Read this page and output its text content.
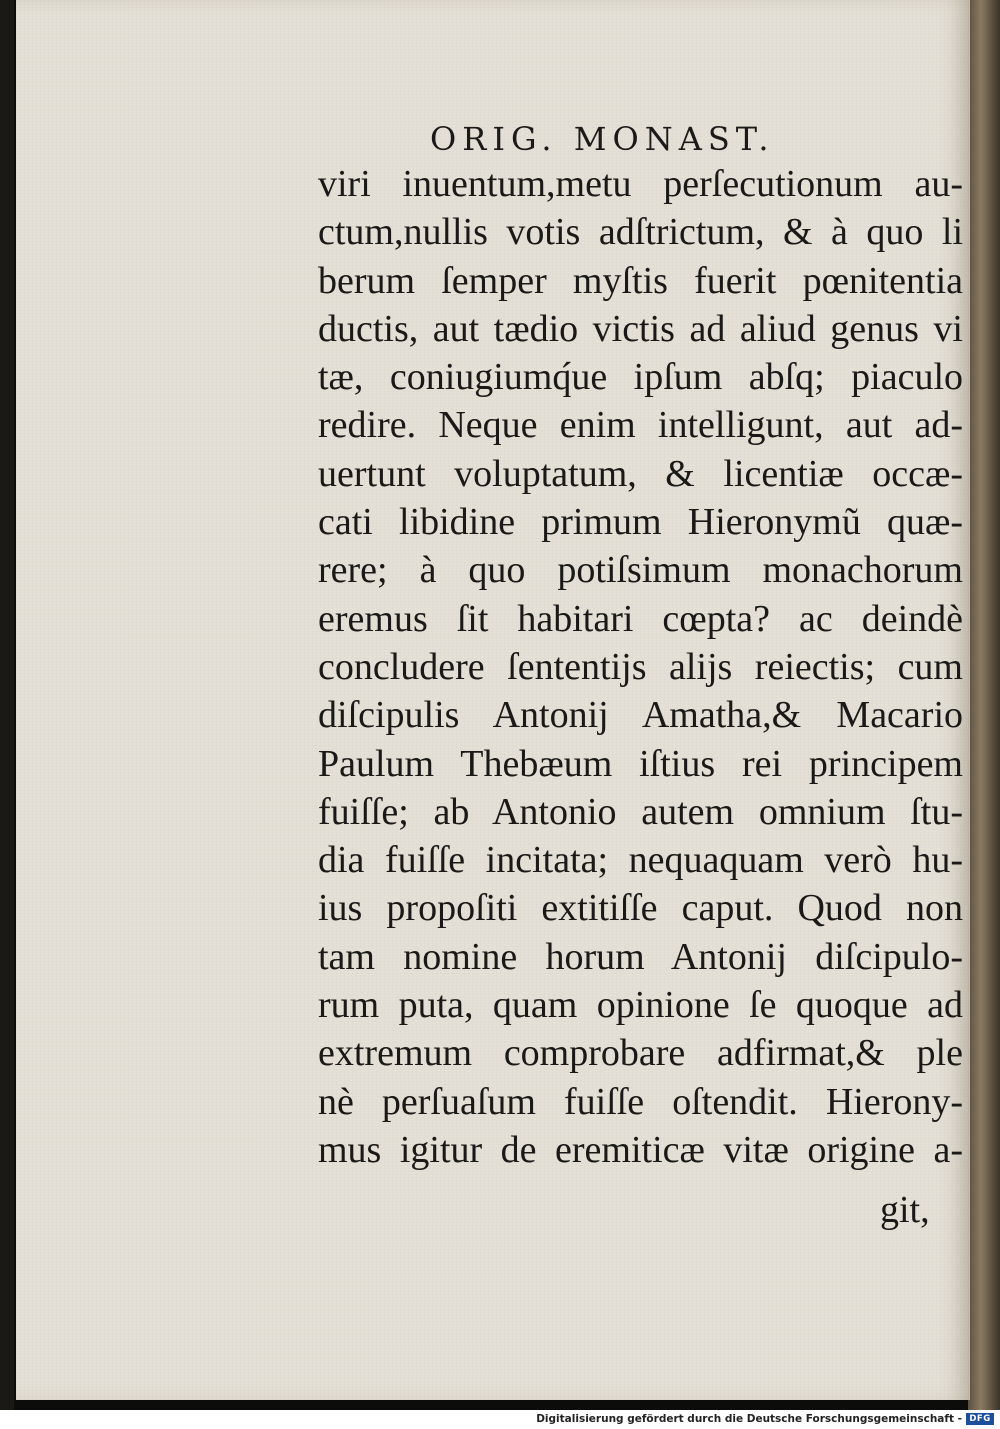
ORIG. MONAST.
viri inuentum,metu perſecutionum au-
ctum,nullis votis adſtrictum, & à quo li
berum ſemper myſtis fuerit pœnitentia
ductis, aut tædio victis ad aliud genus vi
tæ, coniugiumq́ue ipſum abſq; piaculo
redire. Neque enim intelligunt, aut ad-
uertunt voluptatum, & licentiæ occæ-
cati libidine primum Hieronymũ quæ-
rere; à quo potiſsimum monachorum
eremus ſit habitari cœpta? ac deindè
concludere ſententijs alijs reiectis; cum
diſcipulis Antonij Amatha,& Macario
Paulum Thebæum iſtius rei principem
fuiſſe; ab Antonio autem omnium ſtu-
dia fuiſſe incitata; nequaquam verò hu-
ius propoſiti extitiſſe caput. Quod non
tam nomine horum Antonij diſcipulo-
rum puta, quam opinione ſe quoque ad
extremum comprobare adfirmat,& ple
nè perſuaſum fuiſſe oſtendit. Hierony-
mus igitur de eremiticæ vitæ origine a-
git,
Digitalisierung gefördert durch die Deutsche Forschungsgemeinschaft - DFG
